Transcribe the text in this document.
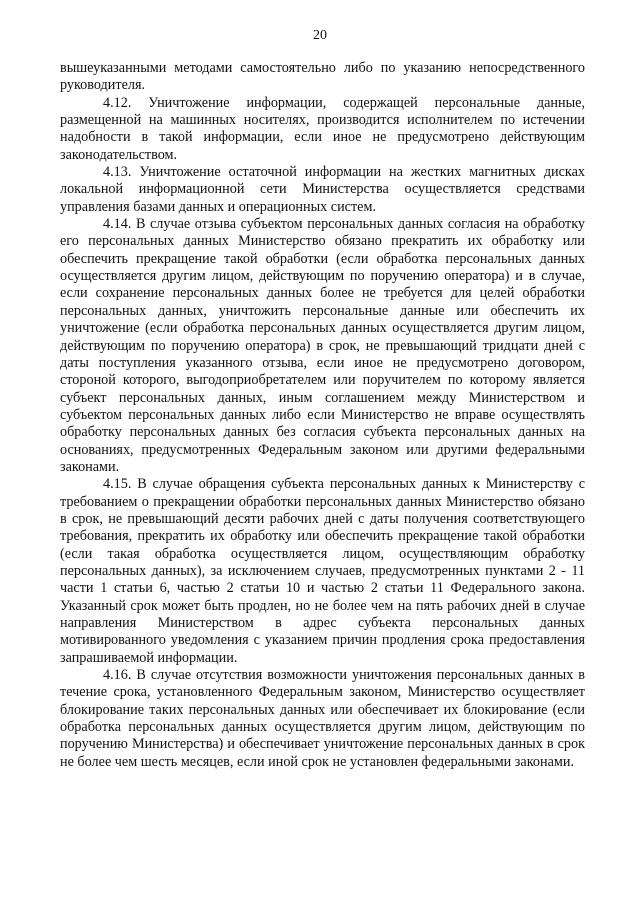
20

вышеуказанными методами самостоятельно либо по указанию непосредственного руководителя.

4.12. Уничтожение информации, содержащей персональные данные, размещенной на машинных носителях, производится исполнителем по истечении надобности в такой информации, если иное не предусмотрено действующим законодательством.

4.13. Уничтожение остаточной информации на жестких магнитных дисках локальной информационной сети Министерства осуществляется средствами управления базами данных и операционных систем.

4.14. В случае отзыва субъектом персональных данных согласия на обработку его персональных данных Министерство обязано прекратить их обработку или обеспечить прекращение такой обработки (если обработка персональных данных осуществляется другим лицом, действующим по поручению оператора) и в случае, если сохранение персональных данных более не требуется для целей обработки персональных данных, уничтожить персональные данные или обеспечить их уничтожение (если обработка персональных данных осуществляется другим лицом, действующим по поручению оператора) в срок, не превышающий тридцати дней с даты поступления указанного отзыва, если иное не предусмотрено договором, стороной которого, выгодоприобретателем или поручителем по которому является субъект персональных данных, иным соглашением между Министерством и субъектом персональных данных либо если Министерство не вправе осуществлять обработку персональных данных без согласия субъекта персональных данных на основаниях, предусмотренных Федеральным законом или другими федеральными законами.

4.15. В случае обращения субъекта персональных данных к Министерству с требованием о прекращении обработки персональных данных Министерство обязано в срок, не превышающий десяти рабочих дней с даты получения соответствующего требования, прекратить их обработку или обеспечить прекращение такой обработки (если такая обработка осуществляется лицом, осуществляющим обработку персональных данных), за исключением случаев, предусмотренных пунктами 2 - 11 части 1 статьи 6, частью 2 статьи 10 и частью 2 статьи 11 Федерального закона. Указанный срок может быть продлен, но не более чем на пять рабочих дней в случае направления Министерством в адрес субъекта персональных данных мотивированного уведомления с указанием причин продления срока предоставления запрашиваемой информации.

4.16. В случае отсутствия возможности уничтожения персональных данных в течение срока, установленного Федеральным законом, Министерство осуществляет блокирование таких персональных данных или обеспечивает их блокирование (если обработка персональных данных осуществляется другим лицом, действующим по поручению Министерства) и обеспечивает уничтожение персональных данных в срок не более чем шесть месяцев, если иной срок не установлен федеральными законами.
